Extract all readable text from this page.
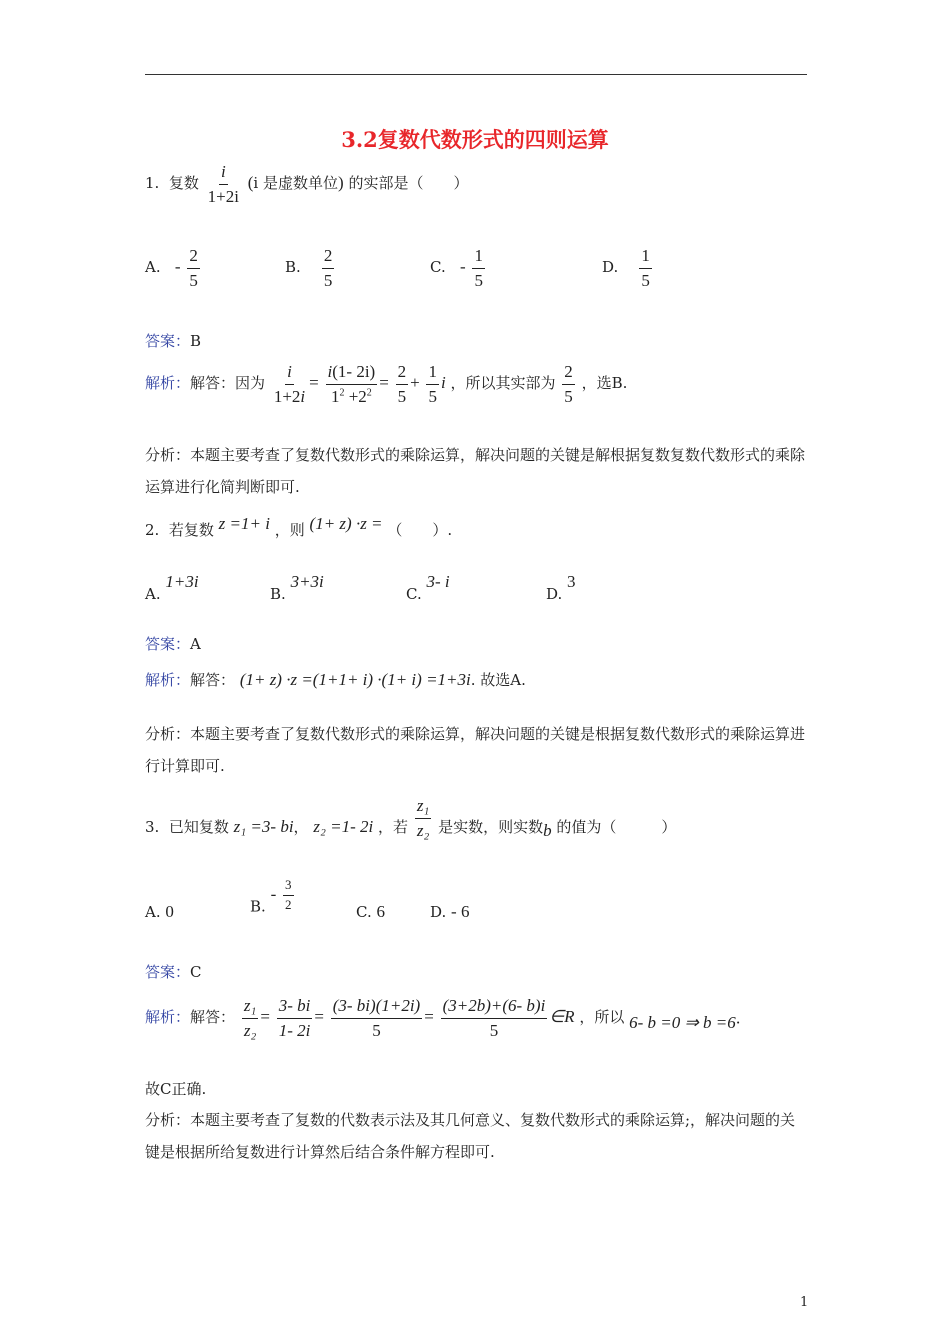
3.2复数代数形式的四则运算
1. 复数 $\frac{i}{1+2i} (i$ 是虚数单位) 的实部是（　　）
A. - $\frac{2}{5}$	B. $\frac{2}{5}$	C. - $\frac{1}{5}$	D. $\frac{1}{5}$
答案：B
解析：解答：因为 $\frac{i}{1+2i} = \frac{i(1- 2i)}{1^2 +2^2} = \frac{2}{5} + \frac{1}{5}$ i ，所以其实部为 $\frac{2}{5}$ ，选B.
分析：本题主要考查了复数代数形式的乘除运算，解决问题的关键是解根据复数复数代数形式的乘除运算进行化简判断即可.
2. 若复数 z =1+ i ，则 (1+ z) ·z = （　　）.
A. 1+3i
B. 3+3i
C. 3- i
D. 3
答案：A
解析：解答： (1+ z) ·z =(1+1+ i) ·(1+ i) =1+3i. 故选A.
分析：本题主要考查了复数代数形式的乘除运算，解决问题的关键是根据复数代数形式的乘除运算进行计算即可.
3. 已知复数 z₁ =3- bi， z₂ =1- 2i ，若 $\frac{\text{z₁}}{\text{z₂}}$ 是实数，则实数b 的值为（　　　）
A. 0	B. - $\frac{3}{2}$	C. 6	D. - 6
答案：C
解析：解答： $\frac{\text{z₁}}{\text{z₂}} = \frac{3- bi}{1- 2i} = \frac{(3- bi)(1+2i)}{5} = \frac{(3+2b)+(6- b)i}{5}$ ∈R ，所以 6- b =0 ⇒ b =6·
故C正确.
分析：本题主要考查了复数的代数表示法及其几何意义、复数代数形式的乘除运算;，解决问题的关键是根据所给复数进行计算然后结合条件解方程即可.
1
